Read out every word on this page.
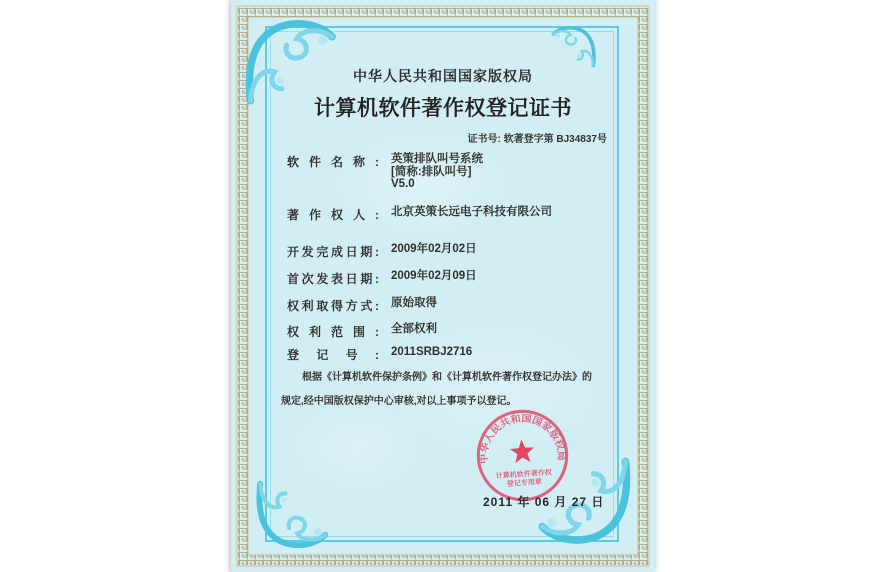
中华人民共和国国家版权局
计算机软件著作权登记证书
证书号: 软著登字第 BJ34837号
软件名称: 英策排队叫号系统
[简称:排队叫号]
V5.0
著作权人: 北京英策长远电子科技有限公司
开发完成日期: 2009年02月02日
首次发表日期: 2009年02月09日
权利取得方式: 原始取得
权利范围: 全部权利
登记号: 2011SRBJ2716
根据《计算机软件保护条例》和《计算机软件著作权登记办法》的
规定,经中国版权保护中心审核,对以上事项予以登记。
中华人民共和国国家版权局
计算机软件著作权
登记专用章
2011 年 06 月 27 日
